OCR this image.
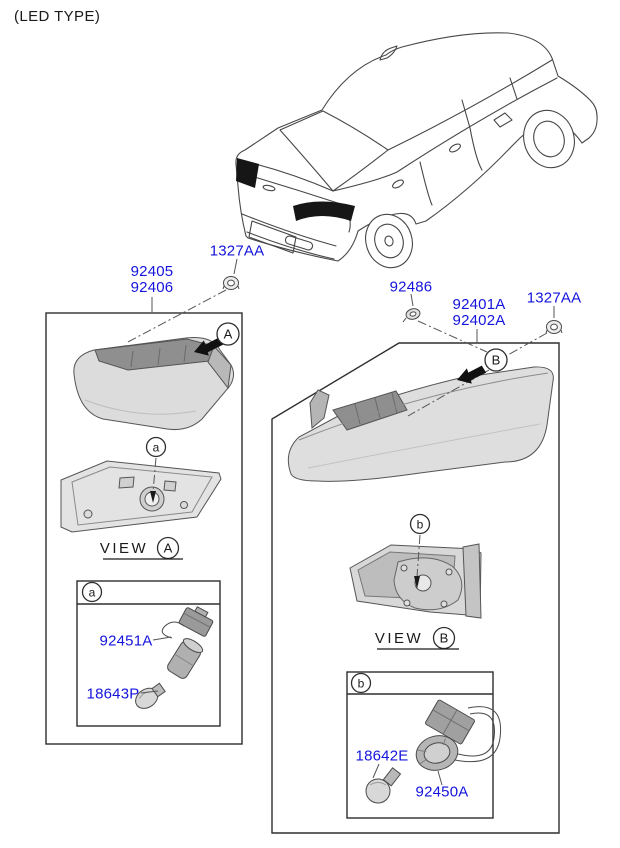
A
B
a
b
a
b
VIEW A
VIEW B
(LED TYPE)
1327AA
92405
92406	92486
92401A
92402A
1327AA
92451A
18643P
18642E
92450A
